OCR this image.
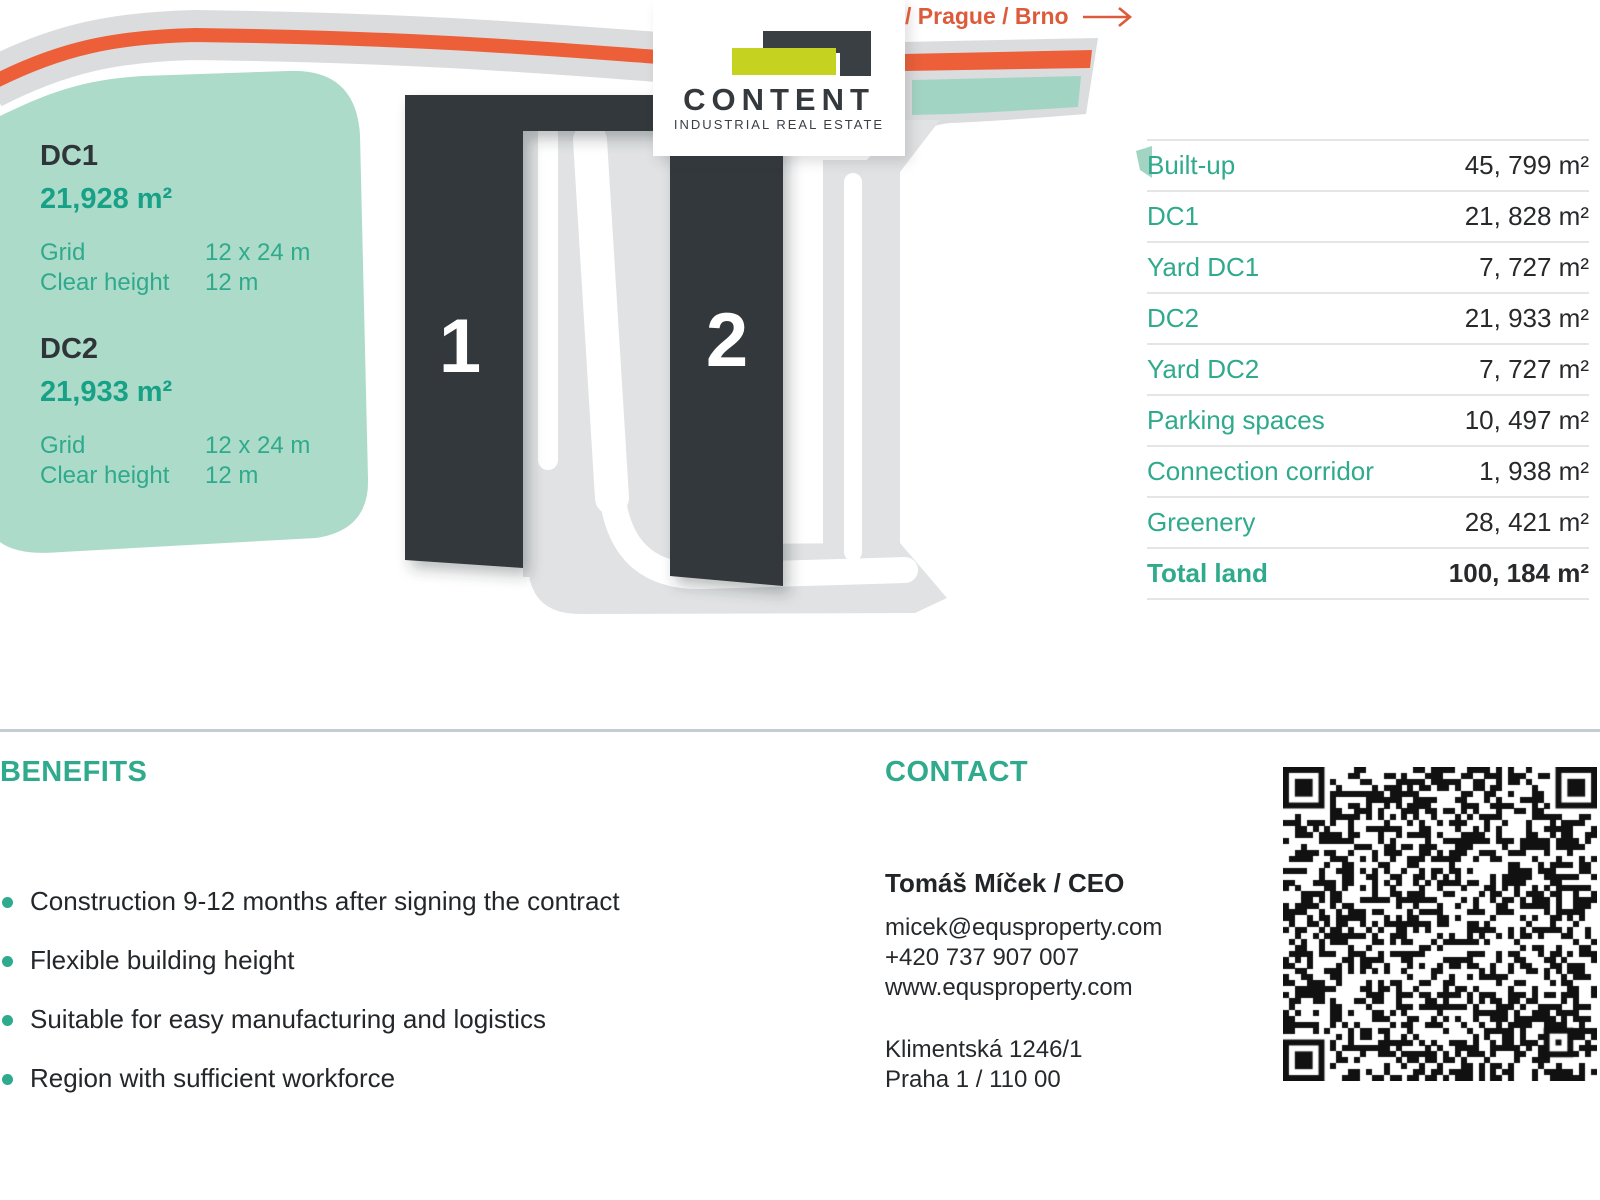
1	2
CONTENT
INDUSTRIAL REAL ESTATE
/ Prague / Brno
DC1
21,928 m²
Grid	12 x 24 m
Clear height	12 m
DC2
21,933 m²
Grid	12 x 24 m
Clear height	12 m
Built-up	45, 799 m²
DC1	21, 828 m²
Yard DC1	7, 727 m²
DC2	21, 933 m²
Yard DC2	7, 727 m²
Parking spaces	10, 497 m²
Connection corridor	1, 938 m²
Greenery	28, 421 m²
Total land	100, 184 m²
BENEFITS
Construction 9-12 months after signing the contract
Flexible building height
Suitable for easy manufacturing and logistics
Region with sufficient workforce
CONTACT
Tomáš Míček / CEO
micek@equsproperty.com
+420 737 907 007
www.equsproperty.com
Klimentská 1246/1
Praha 1 / 110 00
